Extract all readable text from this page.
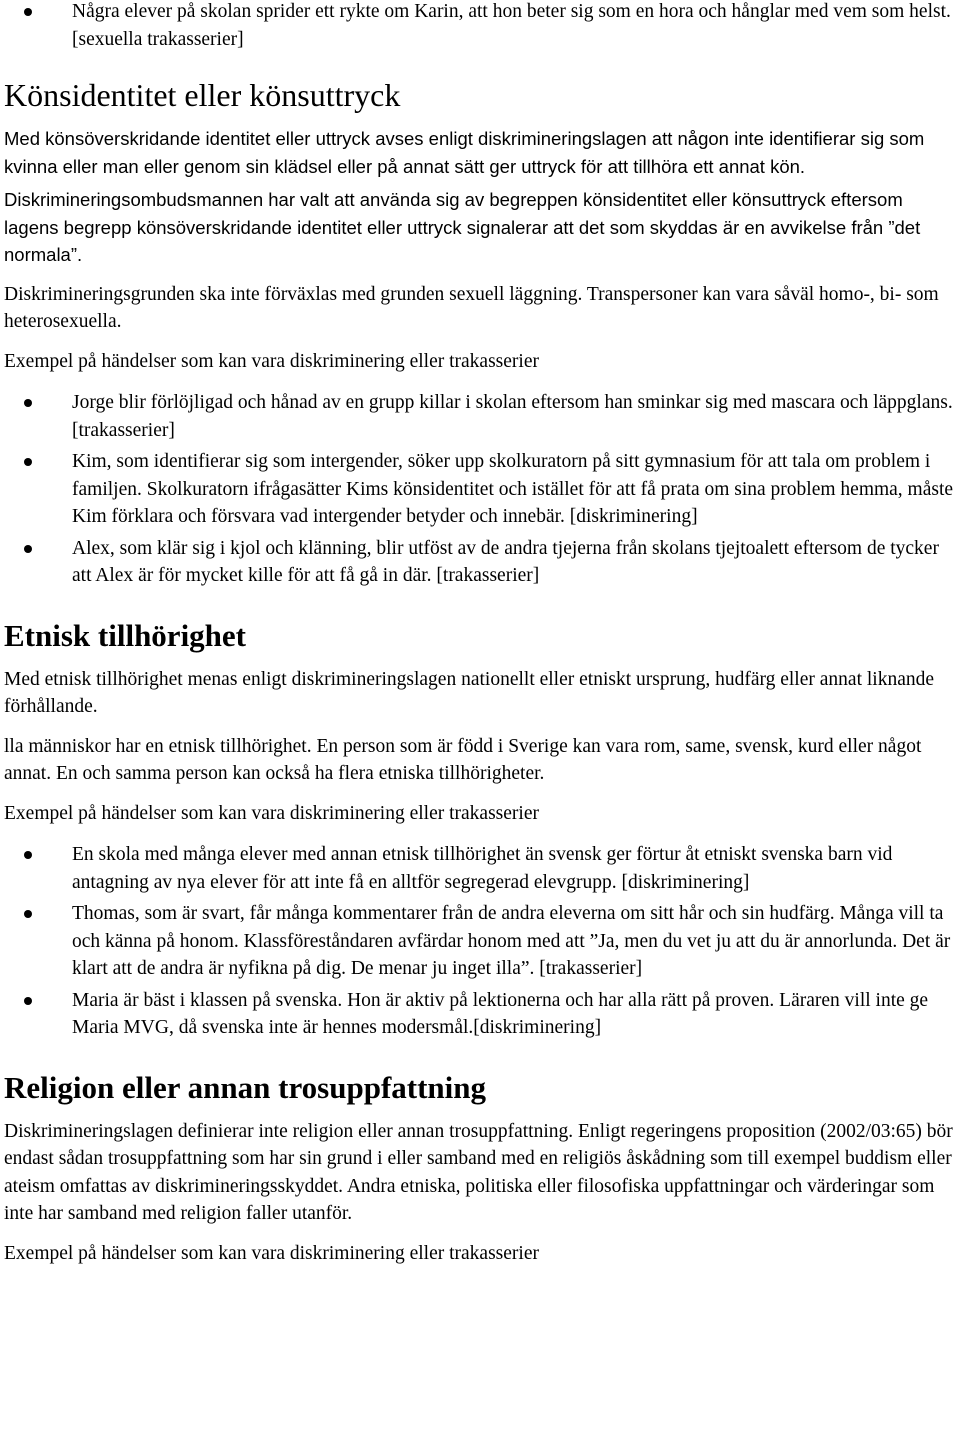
Några elever på skolan sprider ett rykte om Karin, att hon beter sig som en hora och hånglar med vem som helst. [sexuella trakasserier]
Könsidentitet eller könsuttryck

Med könsöverskridande identitet eller uttryck avses enligt diskrimineringslagen att någon inte identifierar sig som kvinna eller man eller genom sin klädsel eller på annat sätt ger uttryck för att tillhöra ett annat kön.

Diskrimineringsombudsmannen har valt att använda sig av begreppen könsidentitet eller könsuttryck eftersom lagens begrepp könsöverskridande identitet eller uttryck signalerar att det som skyddas är en avvikelse från ”det normala”.

Diskrimineringsgrunden ska inte förväxlas med grunden sexuell läggning. Transpersoner kan vara såväl homo-, bi- som heterosexuella.

Exempel på händelser som kan vara diskriminering eller trakasserier

Jorge blir förlöjligad och hånad av en grupp killar i skolan eftersom han sminkar sig med mascara och läppglans. [trakasserier]
Kim, som identifierar sig som intergender, söker upp skolkuratorn på sitt gymnasium för att tala om problem i familjen. Skolkuratorn ifrågasätter Kims könsidentitet och istället för att få prata om sina problem hemma, måste Kim förklara och försvara vad intergender betyder och innebär. [diskriminering]
Alex, som klär sig i kjol och klänning, blir utföst av de andra tjejerna från skolans tjejtoalett eftersom de tycker att Alex är för mycket kille för att få gå in där. [trakasserier]
Etnisk tillhörighet

Med etnisk tillhörighet menas enligt diskrimineringslagen nationellt eller etniskt ursprung, hudfärg eller annat liknande förhållande.

lla människor har en etnisk tillhörighet. En person som är född i Sverige kan vara rom, same, svensk, kurd eller något annat. En och samma person kan också ha flera etniska tillhörigheter.

Exempel på händelser som kan vara diskriminering eller trakasserier

En skola med många elever med annan etnisk tillhörighet än svensk ger förtur åt etniskt svenska barn vid antagning av nya elever för att inte få en alltför segregerad elevgrupp. [diskriminering]
Thomas, som är svart, får många kommentarer från de andra eleverna om sitt hår och sin hudfärg. Många vill ta och känna på honom. Klassföreståndaren avfärdar honom med att ”Ja, men du vet ju att du är annorlunda. Det är klart att de andra är nyfikna på dig. De menar ju inget illa”. [trakasserier]
Maria är bäst i klassen på svenska. Hon är aktiv på lektionerna och har alla rätt på proven. Läraren vill inte ge Maria MVG, då svenska inte är hennes modersmål.[diskriminering]
Religion eller annan trosuppfattning

Diskrimineringslagen definierar inte religion eller annan trosuppfattning. Enligt regeringens proposition (2002/03:65) bör endast sådan trosuppfattning som har sin grund i eller samband med en religiös åskådning som till exempel buddism eller ateism omfattas av diskrimineringsskyddet. Andra etniska, politiska eller filosofiska uppfattningar och värderingar som inte har samband med religion faller utanför.

Exempel på händelser som kan vara diskriminering eller trakasserier
